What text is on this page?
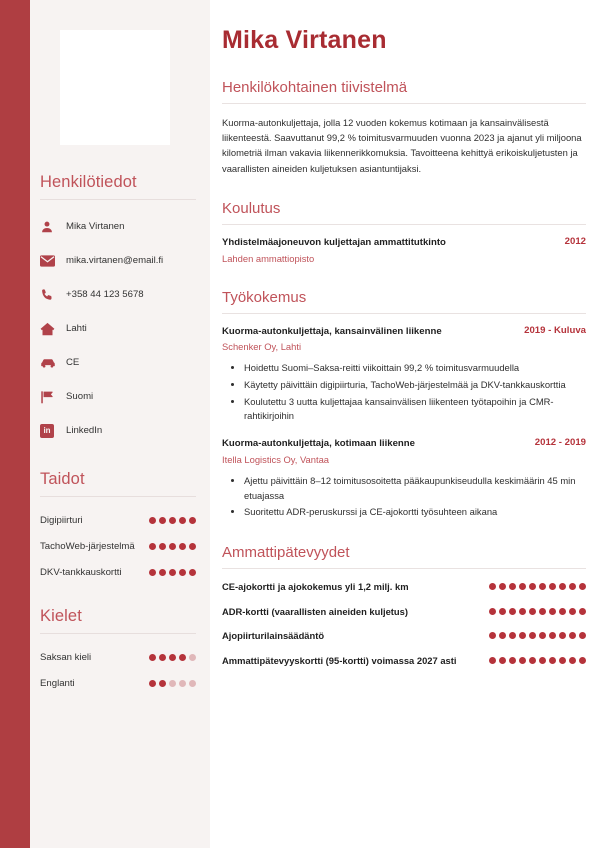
Henkilötiedot
Mika Virtanen
mika.virtanen@email.fi
+358 44 123 5678
Lahti
CE
Suomi
in	LinkedIn
Taidot
Digipiirturi
TachoWeb-järjestelmä
DKV-tankkauskortti
Kielet
Saksan kieli
Englanti
Mika Virtanen
Henkilökohtainen tiivistelmä

Kuorma-autonkuljettaja, jolla 12 vuoden kokemus kotimaan ja kansainvälisestä liikenteestä. Saavuttanut 99,2 % toimitusvarmuuden vuonna 2023 ja ajanut yli miljoona kilometriä ilman vakavia liikennerikkomuksia. Tavoitteena kehittyä erikoiskuljetusten ja vaarallisten aineiden kuljetuksen asiantuntijaksi.

Koulutus
Yhdistelmäajoneuvon kuljettajan ammattitutkinto	2012
Lahden ammattiopisto
Työkokemus
Kuorma-autonkuljettaja, kansainvälinen liikenne	2019 - Kuluva
Schenker Oy, Lahti
• Hoidettu Suomi–Saksa-reitti viikoittain 99,2 % toimitusvarmuudella
• Käytetty päivittäin digipiirturia, TachoWeb-järjestelmää ja DKV-tankkauskorttia
• Koulutettu 3 uutta kuljettajaa kansainvälisen liikenteen työtapoihin ja CMR-rahtikirjoihin
Kuorma-autonkuljettaja, kotimaan liikenne	2012 - 2019
Itella Logistics Oy, Vantaa
• Ajettu päivittäin 8–12 toimitusosoitetta pääkaupunkiseudulla keskimäärin 45 min etuajassa
• Suoritettu ADR-peruskurssi ja CE-ajokortti työsuhteen aikana
Ammattipätevyydet
CE-ajokortti ja ajokokemus yli 1,2 milj. km
ADR-kortti (vaarallisten aineiden kuljetus)
Ajopiirturilainsäädäntö
Ammattipätevyyskortti (95-kortti) voimassa 2027 asti
